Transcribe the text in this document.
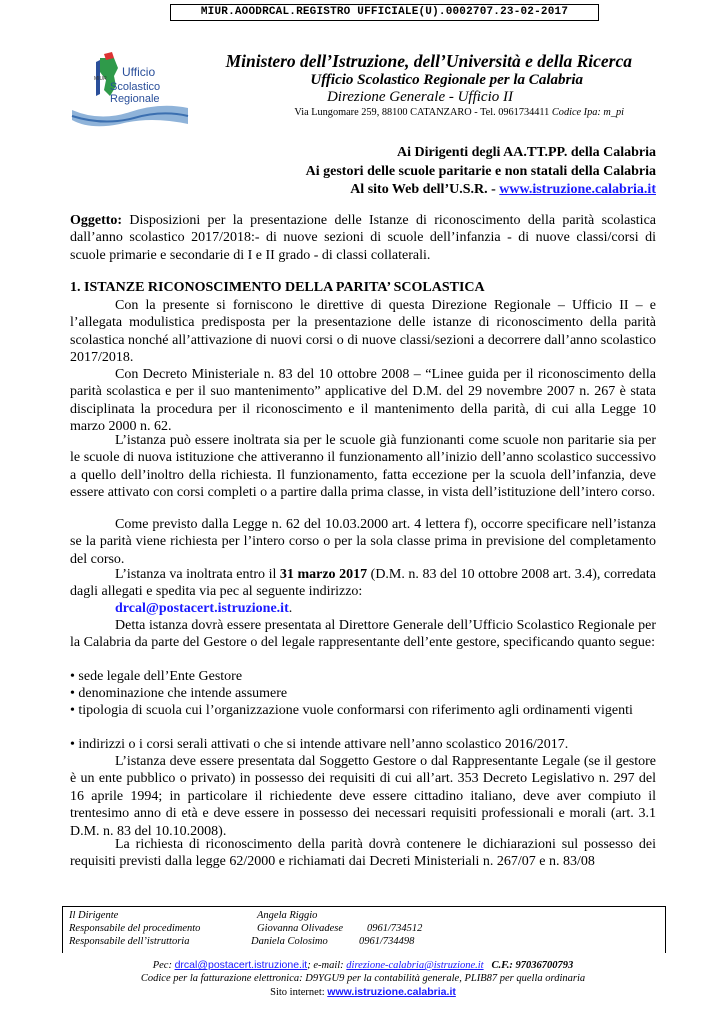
MIUR.AOODRCAL.REGISTRO UFFICIALE(U).0002707.23-02-2017
MIUR Ufficio
Scolastico
Regionale
Ministero dell’Istruzione, dell’Università e della Ricerca
Ufficio Scolastico Regionale per la Calabria
Direzione Generale - Ufficio II
Via Lungomare 259, 88100 CATANZARO - Tel. 0961734411 Codice Ipa: m_pi
Ai Dirigenti degli AA.TT.PP. della Calabria
Ai gestori delle scuole paritarie e non statali della Calabria
Al sito Web dell’U.S.R. - www.istruzione.calabria.it
Oggetto: Disposizioni per la presentazione delle Istanze di riconoscimento della parità scolastica dall’anno scolastico 2017/2018:- di nuove sezioni di scuole dell’infanzia - di nuove classi/corsi di scuole primarie e secondarie di I e II grado - di classi collaterali.
1. ISTANZE RICONOSCIMENTO DELLA PARITA’ SCOLASTICA
Con la presente si forniscono le direttive di questa Direzione Regionale – Ufficio II – e l’allegata modulistica predisposta per la presentazione delle istanze di riconoscimento della parità scolastica nonché all’attivazione di nuovi corsi o di nuove classi/sezioni a decorrere dall’anno scolastico 2017/2018.
Con Decreto Ministeriale n. 83 del 10 ottobre 2008 – “Linee guida per il riconoscimento della parità scolastica e per il suo mantenimento” applicative del D.M. del 29 novembre 2007 n. 267 è stata disciplinata la procedura per il riconoscimento e il mantenimento della parità, di cui alla Legge 10 marzo 2000 n. 62.
L’istanza può essere inoltrata sia per le scuole già funzionanti come scuole non paritarie sia per le scuole di nuova istituzione che attiveranno il funzionamento all’inizio dell’anno scolastico successivo a quello dell’inoltro della richiesta. Il funzionamento, fatta eccezione per la scuola dell’infanzia, deve essere attivato con corsi completi o a partire dalla prima classe, in vista dell’istituzione dell’intero corso.
Come previsto dalla Legge n. 62 del 10.03.2000 art. 4 lettera f), occorre specificare nell’istanza se la parità viene richiesta per l’intero corso o per la sola classe prima in previsione del completamento del corso.
L’istanza va inoltrata entro il 31 marzo 2017 (D.M. n. 83 del 10 ottobre 2008 art. 3.4), corredata dagli allegati e spedita via pec al seguente indirizzo:
drcal@postacert.istruzione.it.
Detta istanza dovrà essere presentata al Direttore Generale dell’Ufficio Scolastico Regionale per la Calabria da parte del Gestore o del legale rappresentante dell’ente gestore, specificando quanto segue:
• sede legale dell’Ente Gestore
• denominazione che intende assumere
• tipologia di scuola cui l’organizzazione vuole conformarsi con riferimento agli ordinamenti vigenti
• indirizzi o i corsi serali attivati o che si intende attivare nell’anno scolastico 2016/2017.
L’istanza deve essere presentata dal Soggetto Gestore o dal Rappresentante Legale (se il gestore è un ente pubblico o privato) in possesso dei requisiti di cui all’art. 353 Decreto Legislativo n. 297 del 16 aprile 1994; in particolare il richiedente deve essere cittadino italiano, deve aver compiuto il trentesimo anno di età e deve essere in possesso dei necessari requisiti professionali e morali (art. 3.1 D.M. n. 83 del 10.10.2008).
La richiesta di riconoscimento della parità dovrà contenere le dichiarazioni sul possesso dei requisiti previsti dalla legge 62/2000 e richiamati dai Decreti Ministeriali n. 267/07 e n. 83/08
Il Dirigente	Angela Riggio
Responsabile del procedimento	Giovanna Olivadese 0961/734512
Responsabile dell’istruttoria	Daniela Colosimo	0961/734498
Pec: drcal@postacert.istruzione.it; e-mail: direzione-calabria@istruzione.it C.F.: 97036700793
Codice per la fatturazione elettronica: D9YGU9 per la contabilità generale, PLIB87 per quella ordinaria
Sito internet: www.istruzione.calabria.it
